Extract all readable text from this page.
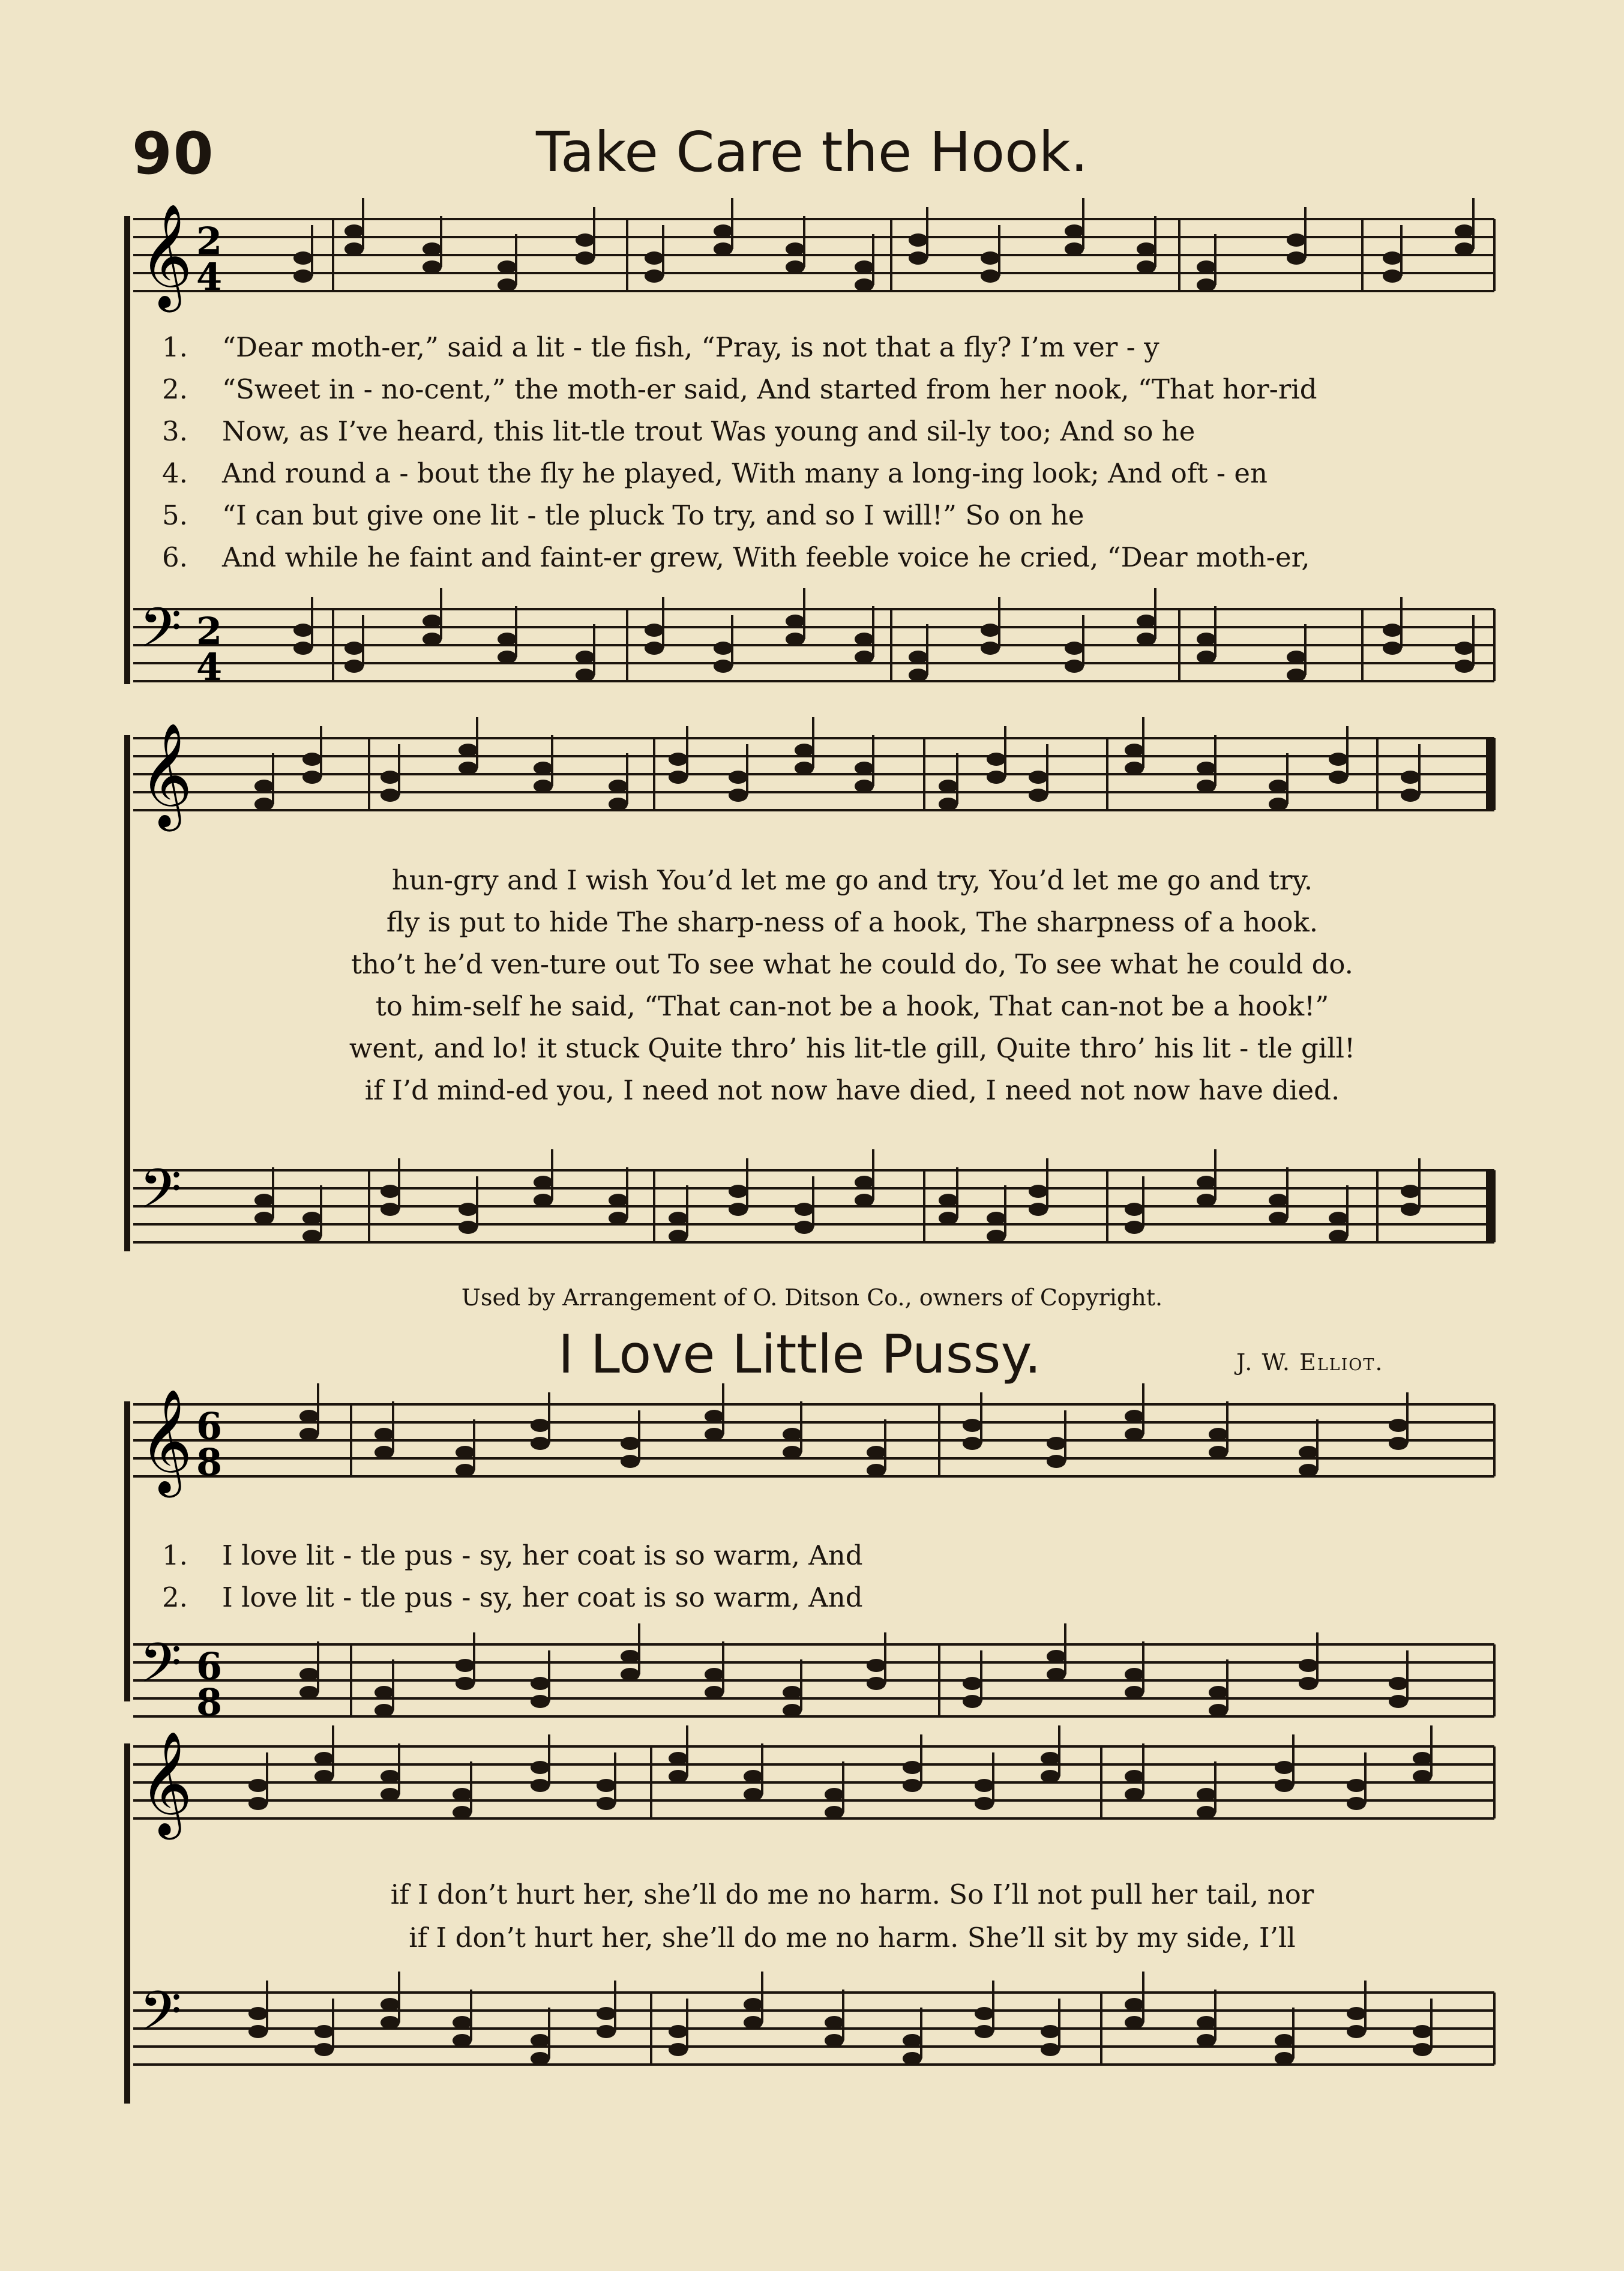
90	Take Care the Hook.
𝄞 2
4
𝄢 2
4
𝄞
𝄢
𝄞 6
8
𝄢 6
8
𝄞
𝄢
1. “Dear moth-er,” said a lit - tle fish, “Pray, is not that a fly? I’m ver - y
2. “Sweet in - no-cent,” the moth-er said, And started from her nook, “That hor-rid
3. Now, as I’ve heard, this lit-tle trout Was young and sil-ly too; And so he
4. And round a - bout the fly he played, With many a long-ing look; And oft - en
5. “I can but give one lit - tle pluck To try, and so I will!” So on he
6. And while he faint and faint-er grew, With feeble voice he cried, “Dear moth-er,
hun-gry and I wish You’d let me go and try, You’d let me go and try.
fly is put to hide The sharp-ness of a hook, The sharpness of a hook.
tho’t he’d ven-ture out To see what he could do, To see what he could do.
to him-self he said, “That can-not be a hook, That can-not be a hook!”
went, and lo! it stuck Quite thro’ his lit-tle gill, Quite thro’ his lit - tle gill!
if I’d mind-ed you, I need not now have died, I need not now have died.
Used by Arrangement of O. Ditson Co., owners of Copyright.
I Love Little Pussy.	J. W. Elliot.
1. I love lit - tle pus - sy, her coat is so warm, And
2. I love lit - tle pus - sy, her coat is so warm, And
if I don’t hurt her, she’ll do me no harm. So I’ll not pull her tail, nor
if I don’t hurt her, she’ll do me no harm. She’ll sit by my side, I’ll
